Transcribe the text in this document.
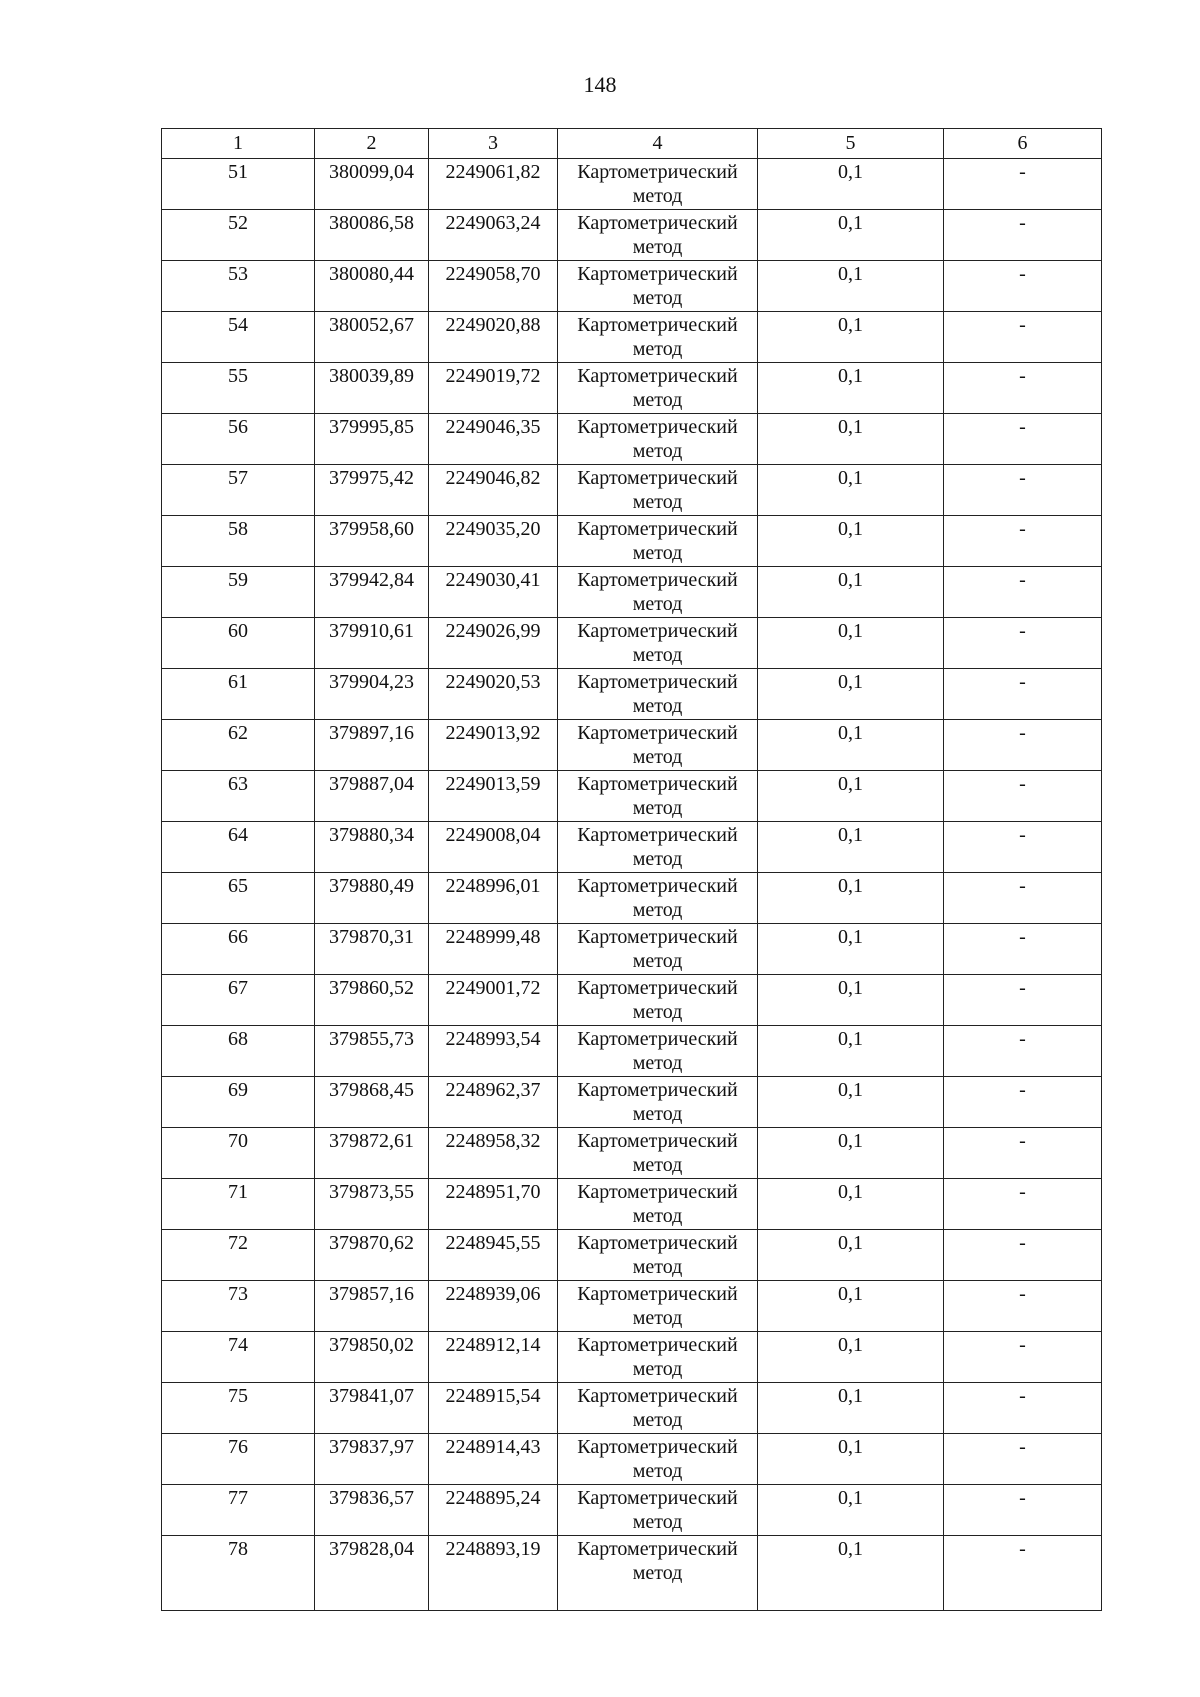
148
1	2	3	4	5	6
51	380099,04	2249061,82	Картометрический метод	0,1	-
52	380086,58	2249063,24	Картометрический метод	0,1	-
53	380080,44	2249058,70	Картометрический метод	0,1	-
54	380052,67	2249020,88	Картометрический метод	0,1	-
55	380039,89	2249019,72	Картометрический метод	0,1	-
56	379995,85	2249046,35	Картометрический метод	0,1	-
57	379975,42	2249046,82	Картометрический метод	0,1	-
58	379958,60	2249035,20	Картометрический метод	0,1	-
59	379942,84	2249030,41	Картометрический метод	0,1	-
60	379910,61	2249026,99	Картометрический метод	0,1	-
61	379904,23	2249020,53	Картометрический метод	0,1	-
62	379897,16	2249013,92	Картометрический метод	0,1	-
63	379887,04	2249013,59	Картометрический метод	0,1	-
64	379880,34	2249008,04	Картометрический метод	0,1	-
65	379880,49	2248996,01	Картометрический метод	0,1	-
66	379870,31	2248999,48	Картометрический метод	0,1	-
67	379860,52	2249001,72	Картометрический метод	0,1	-
68	379855,73	2248993,54	Картометрический метод	0,1	-
69	379868,45	2248962,37	Картометрический метод	0,1	-
70	379872,61	2248958,32	Картометрический метод	0,1	-
71	379873,55	2248951,70	Картометрический метод	0,1	-
72	379870,62	2248945,55	Картометрический метод	0,1	-
73	379857,16	2248939,06	Картометрический метод	0,1	-
74	379850,02	2248912,14	Картометрический метод	0,1	-
75	379841,07	2248915,54	Картометрический метод	0,1	-
76	379837,97	2248914,43	Картометрический метод	0,1	-
77	379836,57	2248895,24	Картометрический метод	0,1	-
78	379828,04	2248893,19	Картометрический метод	0,1	-
